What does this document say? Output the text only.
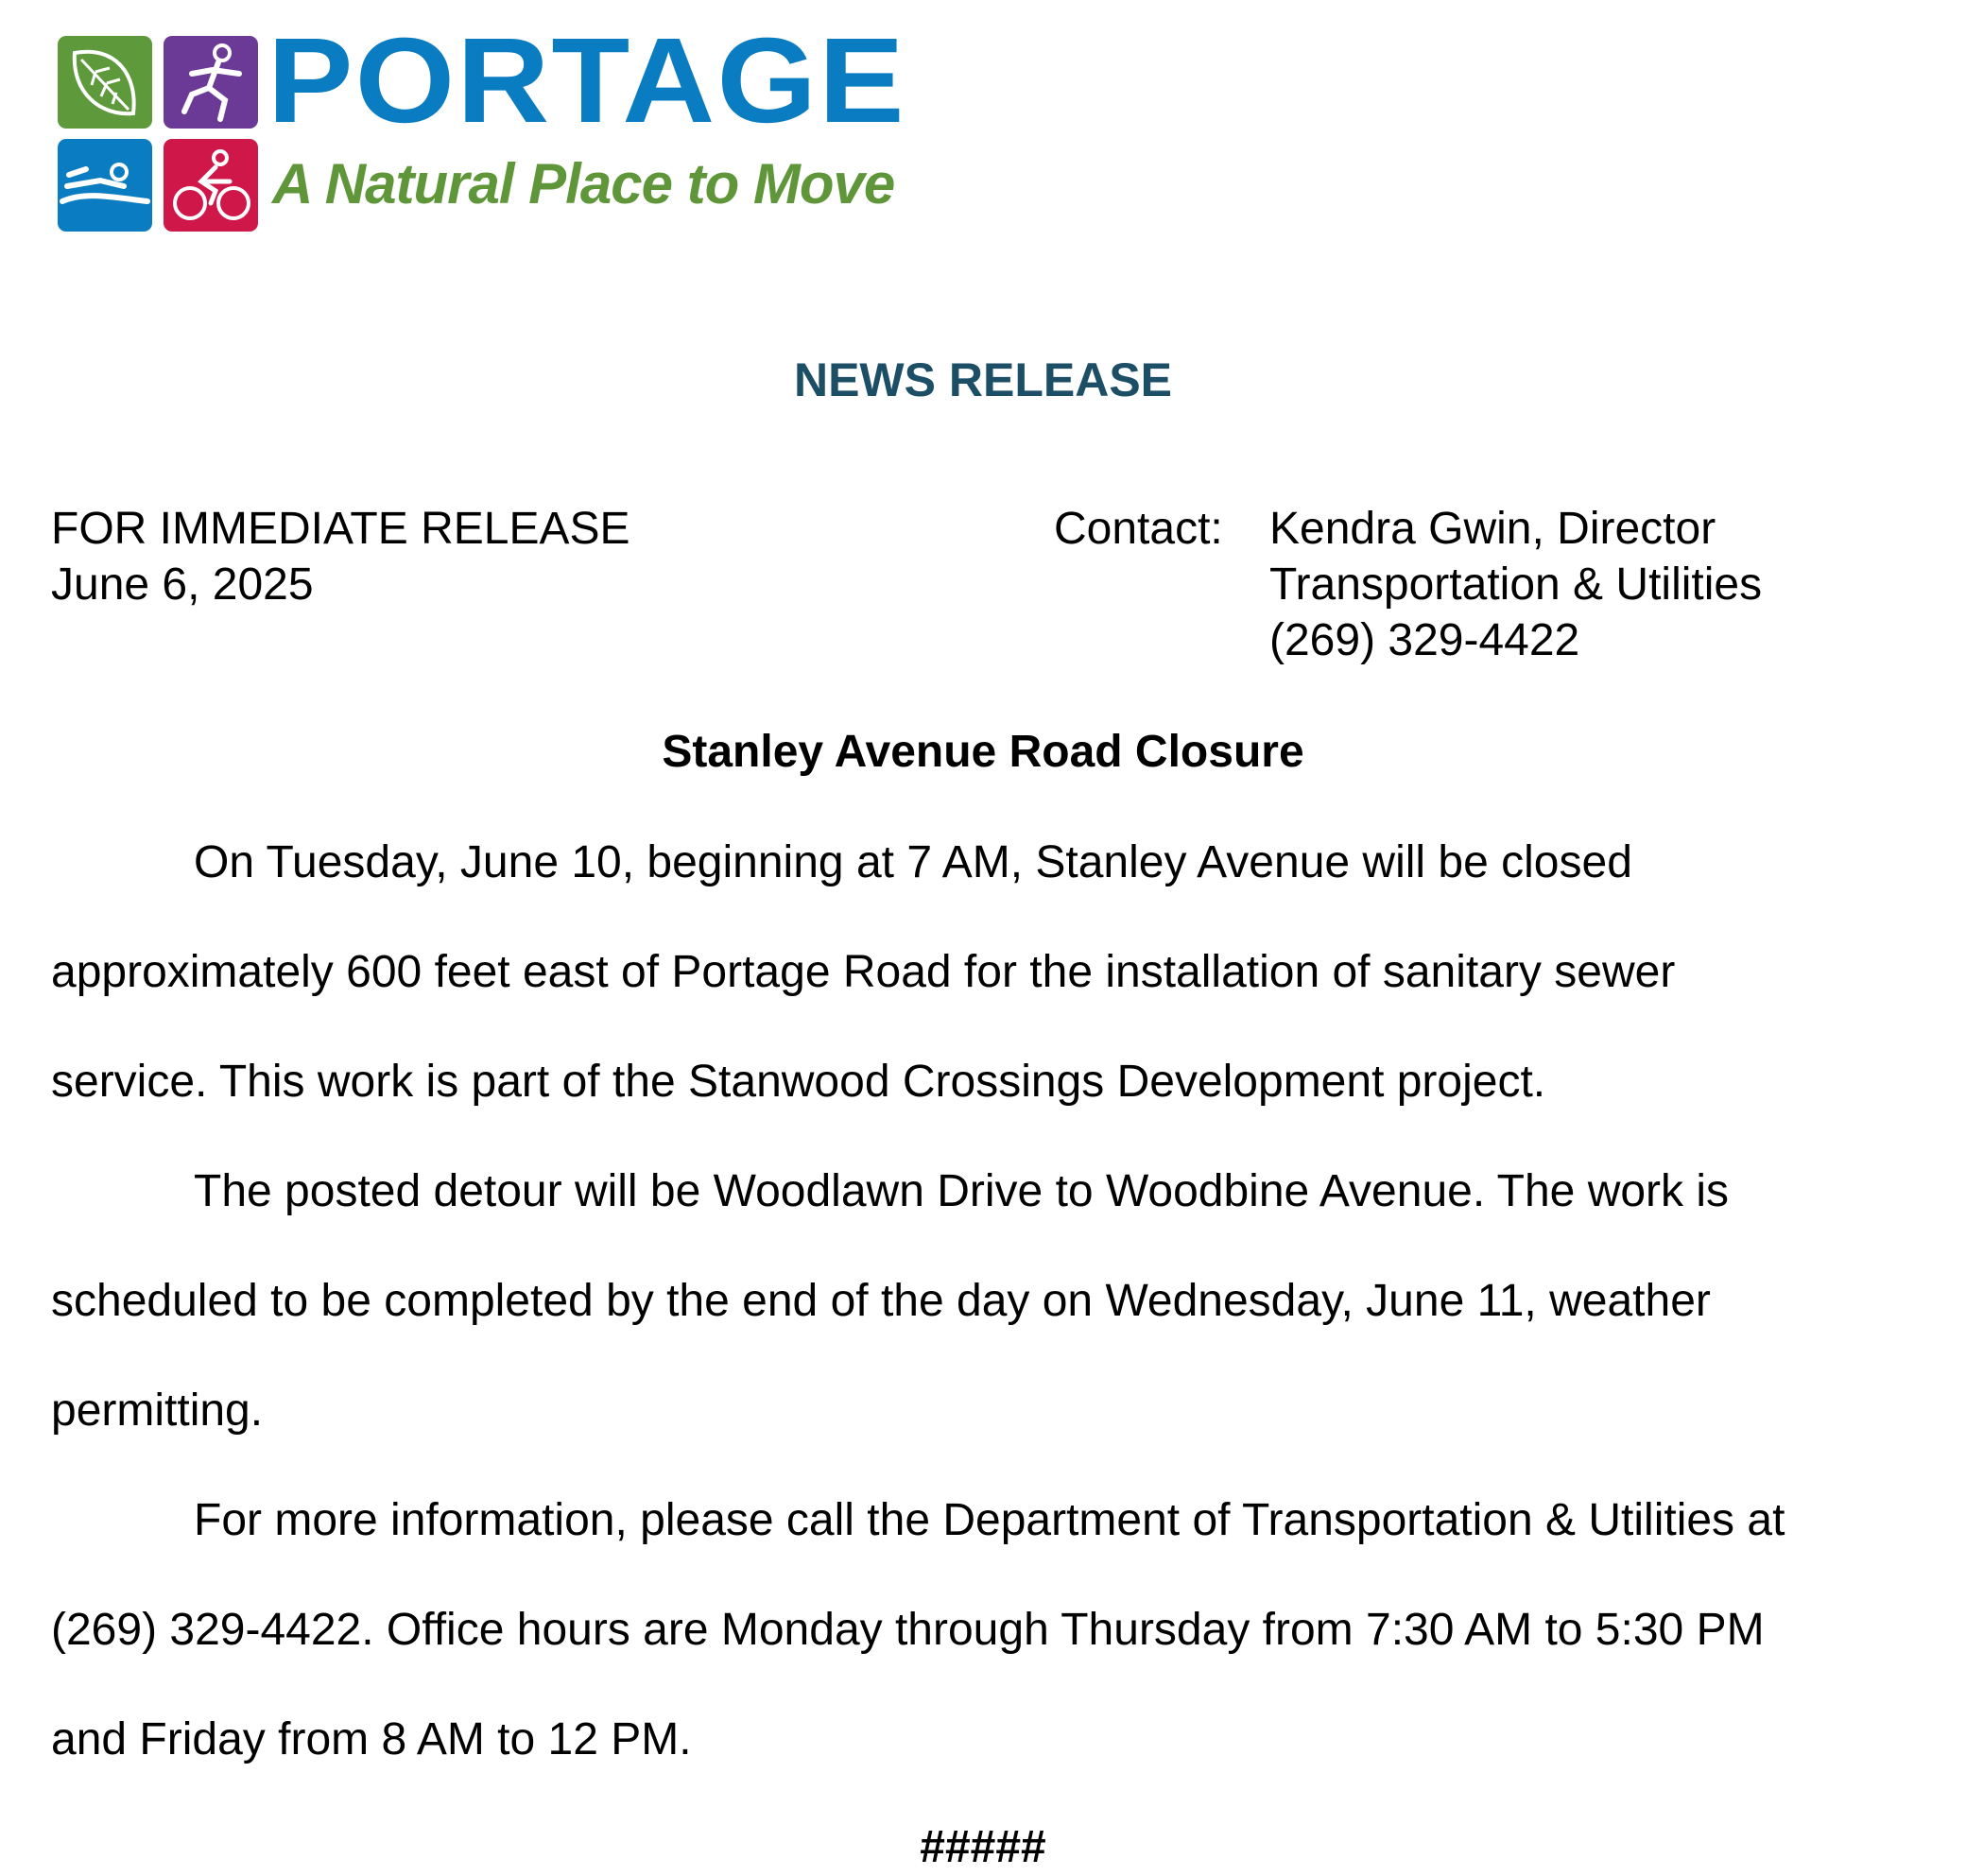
PORTAGE
A Natural Place to Move
NEWS RELEASE
FOR IMMEDIATE RELEASE
June 6, 2025
Contact: Kendra Gwin, Director
Transportation & Utilities
(269) 329-4422
Stanley Avenue Road Closure
On Tuesday, June 10, beginning at 7 AM, Stanley Avenue will be closed
approximately 600 feet east of Portage Road for the installation of sanitary sewer
service. This work is part of the Stanwood Crossings Development project.
The posted detour will be Woodlawn Drive to Woodbine Avenue. The work is
scheduled to be completed by the end of the day on Wednesday, June 11, weather
permitting.
For more information, please call the Department of Transportation & Utilities at
(269) 329-4422. Office hours are Monday through Thursday from 7:30 AM to 5:30 PM
and Friday from 8 AM to 12 PM.
#####
